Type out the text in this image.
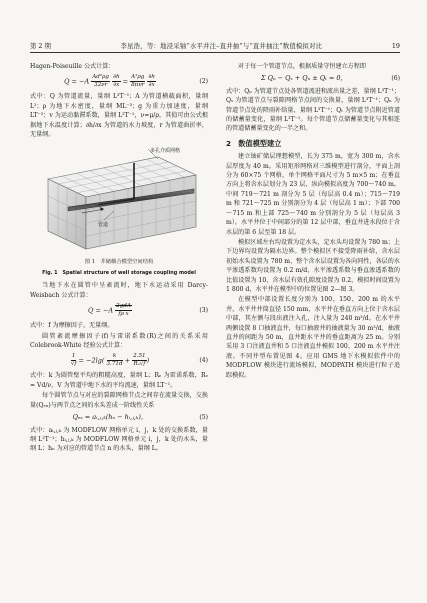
第 2 期	李星浩，等：地浸采铀“水平井注–直井抽”与“直井抽注”数值模拟对比	19

Hagen-Poiseuille 公式计算：

$Q = -A \frac{\text{Ad²ρg}}{32\nu r}$
$\frac{\partial h}{\partial x} = \frac{\text{A²ρg}}{\text{8πνr}}$
$\frac{\partial h}{\partial x}$	(2)

式中：Q 为管道流量，量纲 L³T⁻¹；A 为管道横截面积，量纲 L²；ρ 为地下水密度，量纲 ML⁻³；g 为重力加速度，量纲 LT⁻²；v 为运动黏滞系数，量纲 L²T⁻¹，ν=μ/ρ，其值可由公式根据地下水温度计算；∂h/∂x 为管道的水力坡度，r 为管道曲折率，无量纲。

多孔介质网格
管道
图 1　井储耦合模型空间结构
Fig. 1　Spatial structure of well storage coupling model

当地下水在圆管中呈紊流时，地下水运动采用 Darcy-Weisbach 公式计算：

$Q = -A \frac{\text{2gdA}}{\text{fρ x}}$	(3)

式中：f 为摩擦因子，无量纲。

圆管紊流摩擦因子(f)与雷诺系数(R)之间的关系采用 Colebrook-White 经验公式计算：

$\frac{1}{√f} = -2\lg( \frac{k}{3.71d} + \frac{2.51}{\text{Rₑ√f}}$ )	(4)

式中：k 为圆管壁平均的粗糙高度，量纲 L；Rₑ 为雷诺系数，Rₑ = Vd/ν，V 为管道中地下水的平均流速，量纲 LT⁻¹。

每个圆管节点与对应的裂隙网格节点之间存在流量交换，交换量(Qₑₓ)与两节点之间的水头差成一阶线性关系

Qₑₓ = aᵢ,ⱼ,ₖ(hₙ − hᵢ,ⱼ,ₖ)，	(5)

式中：aᵢ,ⱼ,ₖ 为 MODFLOW 网格单元 i，j，k 处的交换系数，量纲 L²T⁻¹；hᵢ,ⱼ,ₖ 为 MODFLOW 网格单元 i，j，k 处的水头，量纲 L；hₙ 为对应的管道节点 n 的水头，量纲 L。

对于每一个管道节点，根据质量守恒建立方程即

Σ Qₚ − Qₛ + Qₙ ± Qₜ = 0，	(6)

式中：Qₚ 为管道节点处各管道流进和流出量之差，量纲 L³T⁻¹；Qₛ 为管道节点与裂隙网格节点间的交换量，量纲 L³T⁻¹；Qₙ 为管道节点处的降雨补给量，量纲 L³T⁻¹；Qₜ 为管道节点附近管道的储蓄量变化，量纲 L³T⁻¹。每个管道节点储蓄量变化与其相连的管道储蓄量变化的一半之和。

2　数值模型建立

建立铀矿储层理想模型，长为 375 m，宽为 300 m，含水层厚度为 40 m。采用矩形网格对三维模型进行剖分，平面上剖分为 60×75 个网格，单个网格平面尺寸为 5 m×5 m；在垂直方向上将含水层划分为 23 层，纵向模拟高度为 700～740 m。中间 719～721 m 剖分为 5 层（每层高 0.4 m）；715～719 m 和 721～725 m 分别剖分为 4 层（每层高 1 m）；下部 700～715 m 和上部 725～740 m 分别剖分为 5 层（每层高 3 m），水平井位于中间部分的第 12 层中部，垂直井进水段位于含水层的第 6 层至第 18 层。

模拟区域左右均设置为定水头，定水头均设置为 780 m；上下边界均设置为隔水边界。整个模拟区不接受降雨补给，含水层初始水头设置为 780 m，整个含水层设置为各向同性，各层的水平渗透系数均设置为 0.2 m/d，水平渗透系数与垂直渗透系数的比值设置为 10，含水层有效孔隙度设置为 0.2，模拟时间设置为 1 800 d，水平井在模型中的位置见图 2—图 3。

在模型中部设置长度分别为 100、150、200 m 的水平井，水平井井筒直径 150 mm，水平井在垂直方向上位于含水层中部，其左侧与段出液注入孔，注入量为 240 m³/d。在水平井两侧设置 8 口抽液直井，每口抽液井的抽液量为 30 m³/d，抽液直井的间距为 50 m，直井距水平井的垂直距离为 25 m。分别采用 3 口注液直井和 5 口注液直井模拟 100、200 m 水平井注液。不同井型布置见图 4。应用 GMS 地下水模拟软件中的 MODFLOW 模块进行流场模拟，MODPATH 模块进行粒子追踪模拟。
